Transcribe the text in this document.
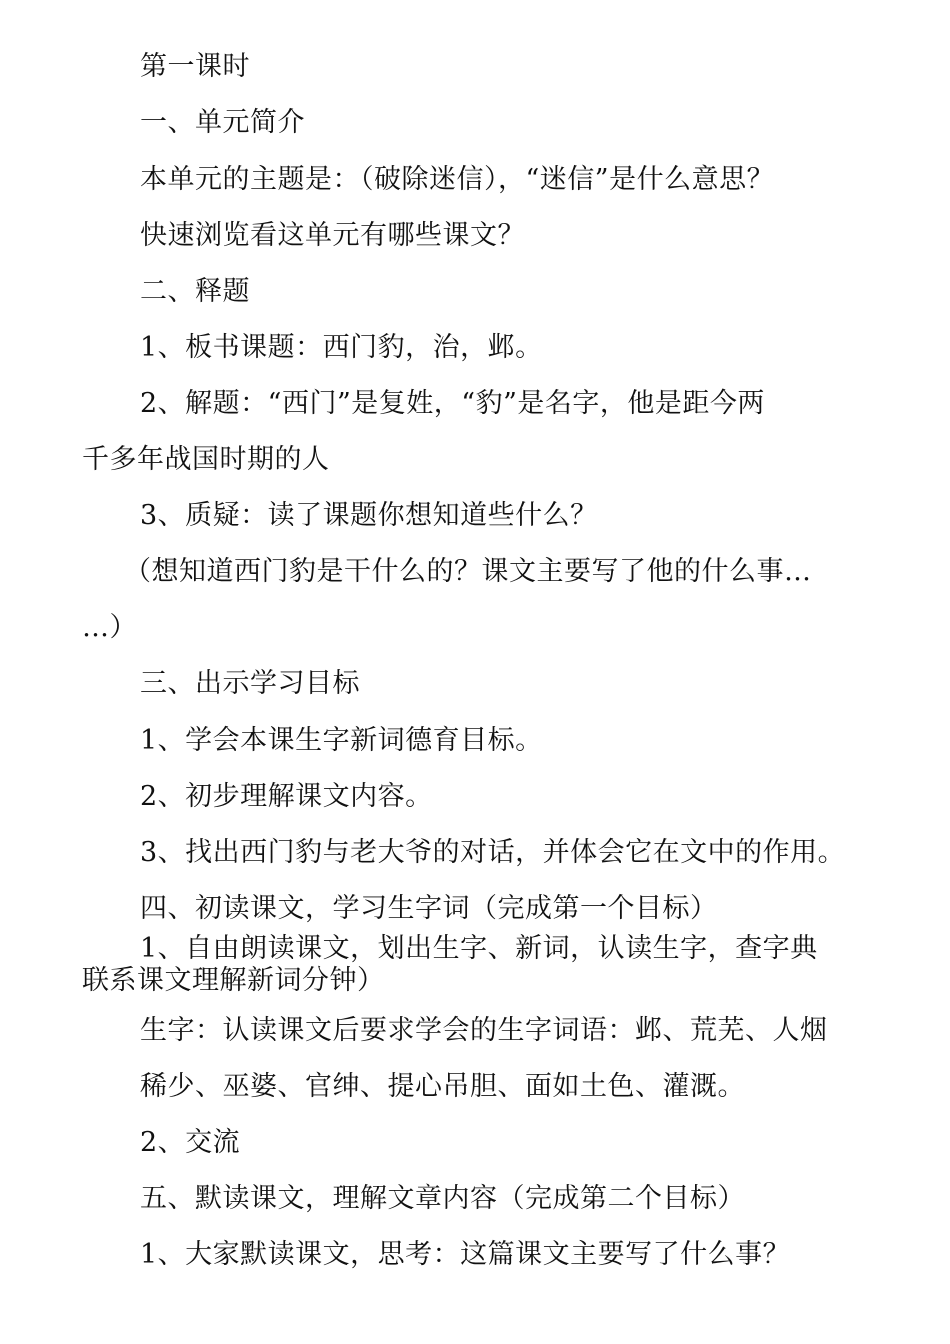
第一课时
一、单元简介
本单元的主题是：（破除迷信），“迷信”是什么意思？
快速浏览看这单元有哪些课文？
二、释题
1、板书课题：西门豹，治，邺。
2、解题：“西门”是复姓，“豹”是名字，他是距今两
千多年战国时期的人
3、质疑：读了课题你想知道些什么？
（想知道西门豹是干什么的？课文主要写了他的什么事…
…）
三、出示学习目标
1、学会本课生字新词德育目标。
2、初步理解课文内容。
3、找出西门豹与老大爷的对话，并体会它在文中的作用。
四、初读课文，学习生字词（完成第一个目标）
1、自由朗读课文，划出生字、新词，认读生字，查字典
联系课文理解新词分钟）
生字：认读课文后要求学会的生字词语：邺、荒芜、人烟
稀少、巫婆、官绅、提心吊胆、面如土色、灌溉。
2、交流
五、默读课文，理解文章内容（完成第二个目标）
1、大家默读课文，思考：这篇课文主要写了什么事？
